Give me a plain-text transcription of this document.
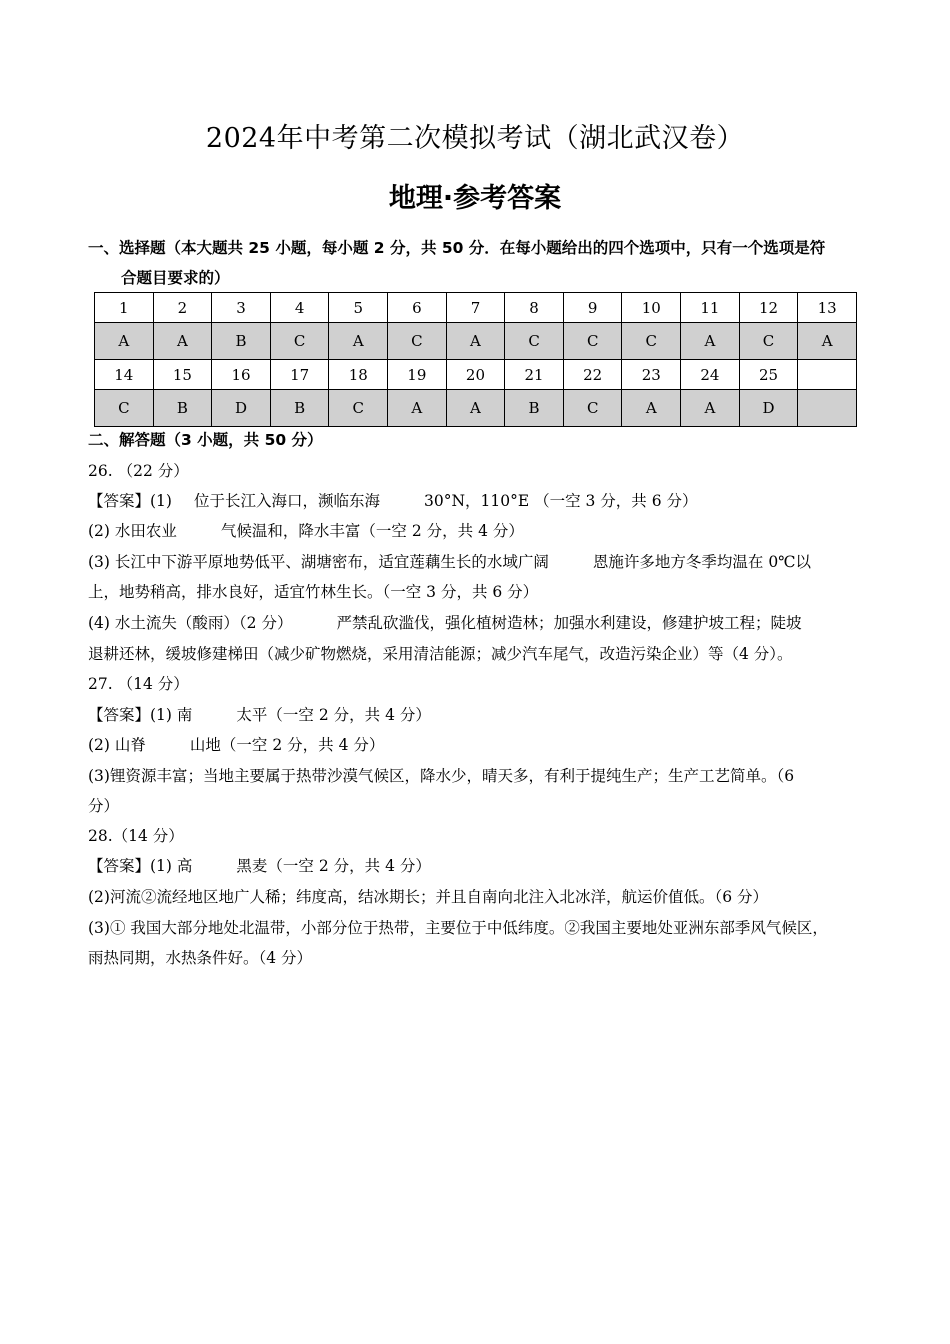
2024年中考第二次模拟考试（湖北武汉卷）
地理·参考答案
一、选择题（本大题共 25 小题，每小题 2 分，共 50 分．在每小题给出的四个选项中，只有一个选项是符
合题目要求的）
1	2	3	4	5	6	7	8	9	10	11	12	13
A	A	B	C	A	C	A	C	C	C	A	C	A
14	15	16	17	18	19	20	21	22	23	24	25	
C	B	D	B	C	A	A	B	C	A	A	D	
二、解答题（3 小题，共 50 分）
26. （22 分）
【答案】(1) 位于长江入海口，濒临东海	30°N，110°E （一空 3 分，共 6 分）
(2) 水田农业	气候温和，降水丰富（一空 2 分，共 4 分）
(3) 长江中下游平原地势低平、湖塘密布，适宜莲藕生长的水域广阔	恩施许多地方冬季均温在 0℃以
上，地势稍高，排水良好，适宜竹林生长。（一空 3 分，共 6 分）
(4) 水土流失（酸雨）（2 分）	严禁乱砍滥伐，强化植树造林；加强水利建设，修建护坡工程；陡坡
退耕还林，缓坡修建梯田（减少矿物燃烧，采用清洁能源；减少汽车尾气，改造污染企业）等（4 分）。
27. （14 分）
【答案】(1) 南	太平（一空 2 分，共 4 分）
(2) 山脊	山地（一空 2 分，共 4 分）
(3)锂资源丰富；当地主要属于热带沙漠气候区，降水少，晴天多，有利于提纯生产；生产工艺简单。（6
分）
28.（14 分）
【答案】(1) 高	黑麦（一空 2 分，共 4 分）
(2)河流②流经地区地广人稀；纬度高，结冰期长；并且自南向北注入北冰洋，航运价值低。（6 分）
(3)① 我国大部分地处北温带，小部分位于热带，主要位于中低纬度。②我国主要地处亚洲东部季风气候区，
雨热同期，水热条件好。（4 分）
